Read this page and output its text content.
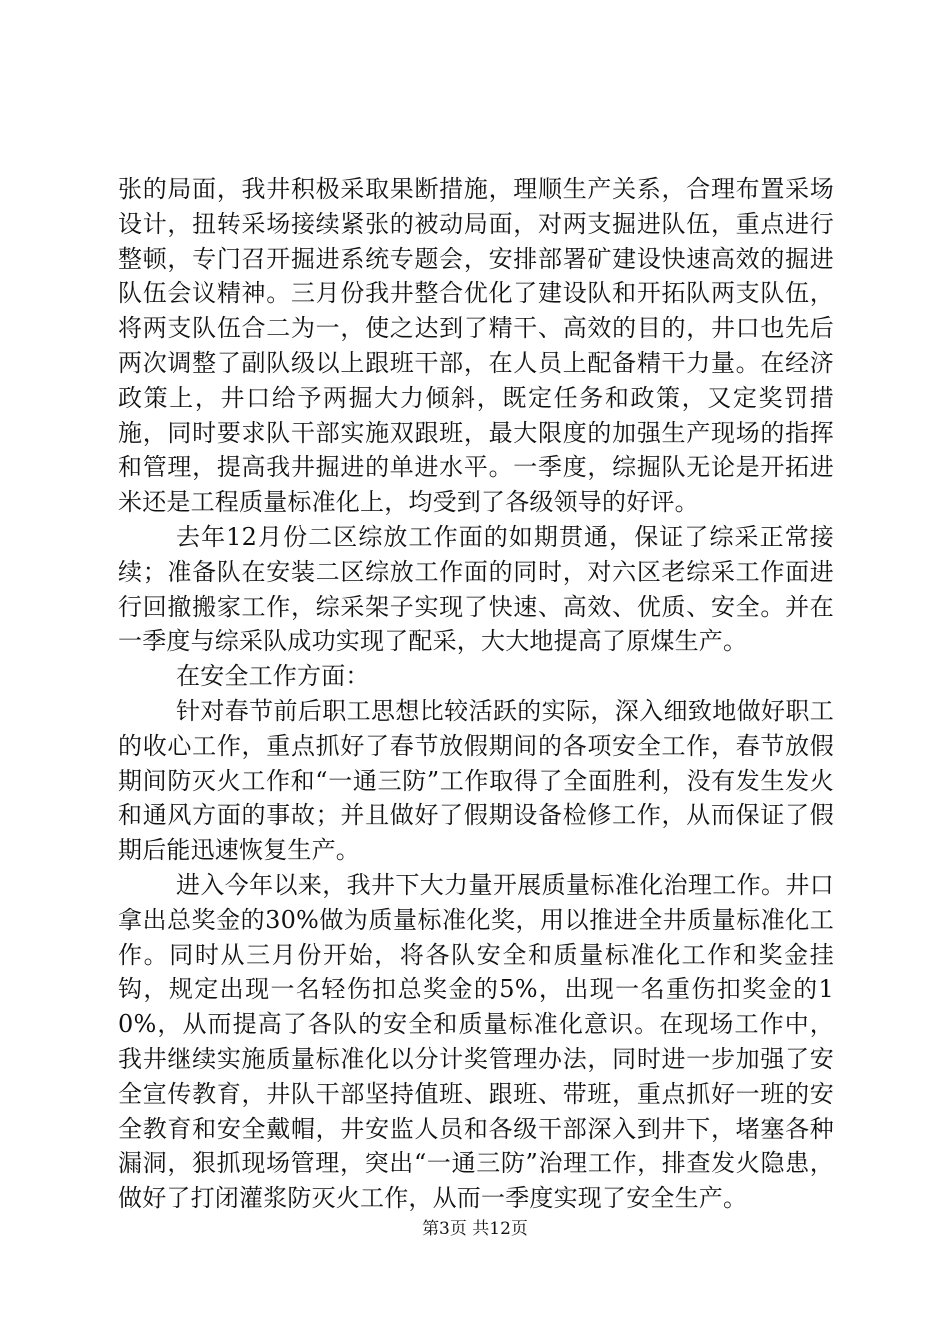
张的局面，我井积极采取果断措施，理顺生产关系，合理布置采场设计，扭转采场接续紧张的被动局面，对两支掘进队伍，重点进行整顿，专门召开掘进系统专题会，安排部署矿建设快速高效的掘进队伍会议精神。三月份我井整合优化了建设队和开拓队两支队伍，将两支队伍合二为一，使之达到了精干、高效的目的，井口也先后两次调整了副队级以上跟班干部，在人员上配备精干力量。在经济政策上，井口给予两掘大力倾斜，既定任务和政策，又定奖罚措施，同时要求队干部实施双跟班，最大限度的加强生产现场的指挥和管理，提高我井掘进的单进水平。一季度，综掘队无论是开拓进米还是工程质量标准化上，均受到了各级领导的好评。

去年12月份二区综放工作面的如期贯通，保证了综采正常接续；准备队在安装二区综放工作面的同时，对六区老综采工作面进行回撤搬家工作，综采架子实现了快速、高效、优质、安全。并在一季度与综采队成功实现了配采，大大地提高了原煤生产。

在安全工作方面：

针对春节前后职工思想比较活跃的实际，深入细致地做好职工的收心工作，重点抓好了春节放假期间的各项安全工作，春节放假期间防灭火工作和“一通三防”工作取得了全面胜利，没有发生发火和通风方面的事故；并且做好了假期设备检修工作，从而保证了假期后能迅速恢复生产。

进入今年以来，我井下大力量开展质量标准化治理工作。井口拿出总奖金的30%做为质量标准化奖，用以推进全井质量标准化工作。同时从三月份开始，将各队安全和质量标准化工作和奖金挂钩，规定出现一名轻伤扣总奖金的5%，出现一名重伤扣奖金的10%，从而提高了各队的安全和质量标准化意识。在现场工作中，我井继续实施质量标准化以分计奖管理办法，同时进一步加强了安全宣传教育，井队干部坚持值班、跟班、带班，重点抓好一班的安全教育和安全戴帽，井安监人员和各级干部深入到井下，堵塞各种漏洞，狠抓现场管理，突出“一通三防”治理工作，排查发火隐患，做好了打闭灌浆防灭火工作，从而一季度实现了安全生产。

第3页 共12页
